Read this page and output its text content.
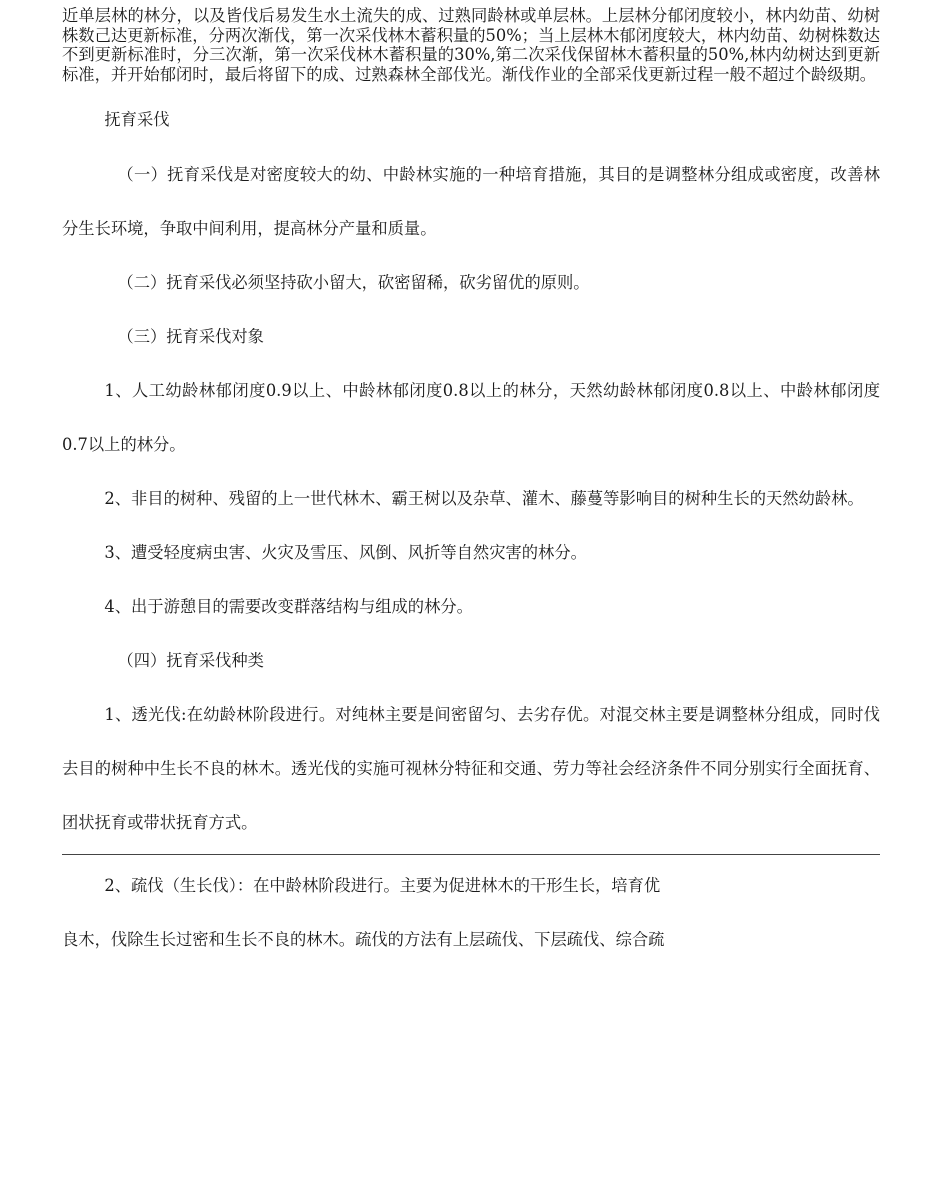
近单层林的林分，以及皆伐后易发生水土流失的成、过熟同龄林或单层林。上层林分郁闭度较小，林内幼苗、幼树株数己达更新标准，分两次渐伐，第一次采伐林木蓄积量的50%；当上层林木郁闭度较大，林内幼苗、幼树株数达不到更新标准时，分三次渐，第一次采伐林木蓄积量的30%,第二次采伐保留林木蓄积量的50%,林内幼树达到更新标准，并开始郁闭时，最后将留下的成、过熟森林全部伐光。渐伐作业的全部采伐更新过程一般不超过个龄级期。

抚育采伐

（一）抚育采伐是对密度较大的幼、中龄林实施的一种培育措施，其目的是调整林分组成或密度，改善林分生长环境，争取中间利用，提高林分产量和质量。

（二）抚育采伐必须坚持砍小留大，砍密留稀，砍劣留优的原则。

（三）抚育采伐对象

1、人工幼龄林郁闭度0.9以上、中龄林郁闭度0.8以上的林分，天然幼龄林郁闭度0.8以上、中龄林郁闭度0.7以上的林分。

2、非目的树种、残留的上一世代林木、霸王树以及杂草、灌木、藤蔓等影响目的树种生长的天然幼龄林。

3、遭受轻度病虫害、火灾及雪压、风倒、风折等自然灾害的林分。

4、出于游憩目的需要改变群落结构与组成的林分。

（四）抚育采伐种类

1、透光伐:在幼龄林阶段进行。对纯林主要是间密留匀、去劣存优。对混交林主要是调整林分组成，同时伐去目的树种中生长不良的林木。透光伐的实施可视林分特征和交通、劳力等社会经济条件不同分别实行全面抚育、团状抚育或带状抚育方式。

2、疏伐（生长伐）：在中龄林阶段进行。主要为促进林木的干形生长，培育优

良木，伐除生长过密和生长不良的林木。疏伐的方法有上层疏伐、下层疏伐、综合疏
